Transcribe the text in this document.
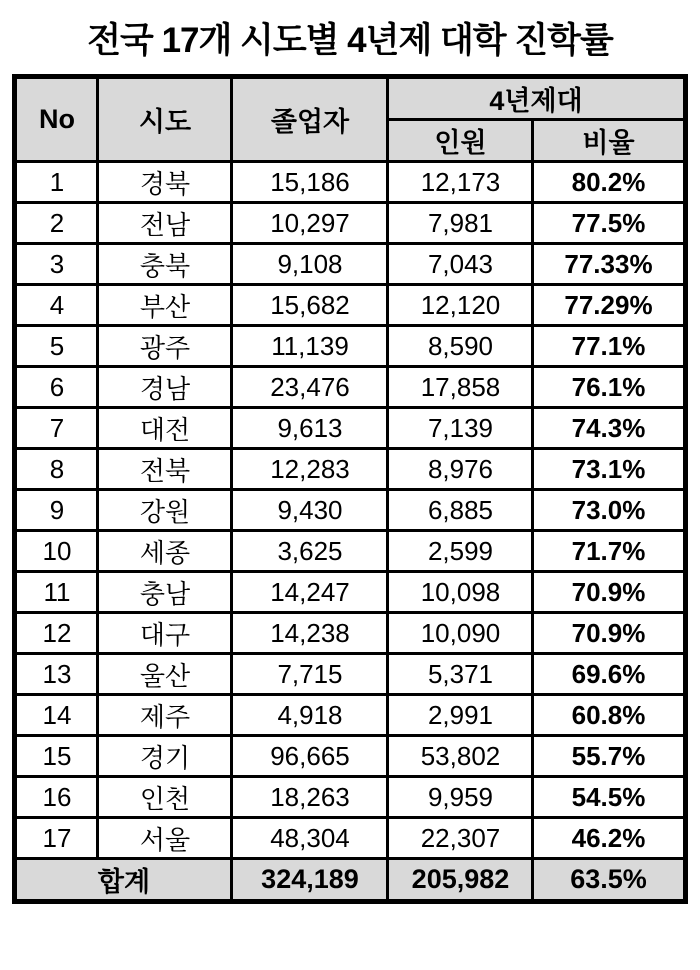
전국 17개 시도별 4년제 대학 진학률
No	시도	졸업자	4년제대	
			인원	비율
1	경북	15,186	12,173	80.2%
2	전남	10,297	7,981	77.5%
3	충북	9,108	7,043	77.33%
4	부산	15,682	12,120	77.29%
5	광주	11,139	8,590	77.1%
6	경남	23,476	17,858	76.1%
7	대전	9,613	7,139	74.3%
8	전북	12,283	8,976	73.1%
9	강원	9,430	6,885	73.0%
10	세종	3,625	2,599	71.7%
11	충남	14,247	10,098	70.9%
12	대구	14,238	10,090	70.9%
13	울산	7,715	5,371	69.6%
14	제주	4,918	2,991	60.8%
15	경기	96,665	53,802	55.7%
16	인천	18,263	9,959	54.5%
17	서울	48,304	22,307	46.2%
합계		324,189	205,982	63.5%
